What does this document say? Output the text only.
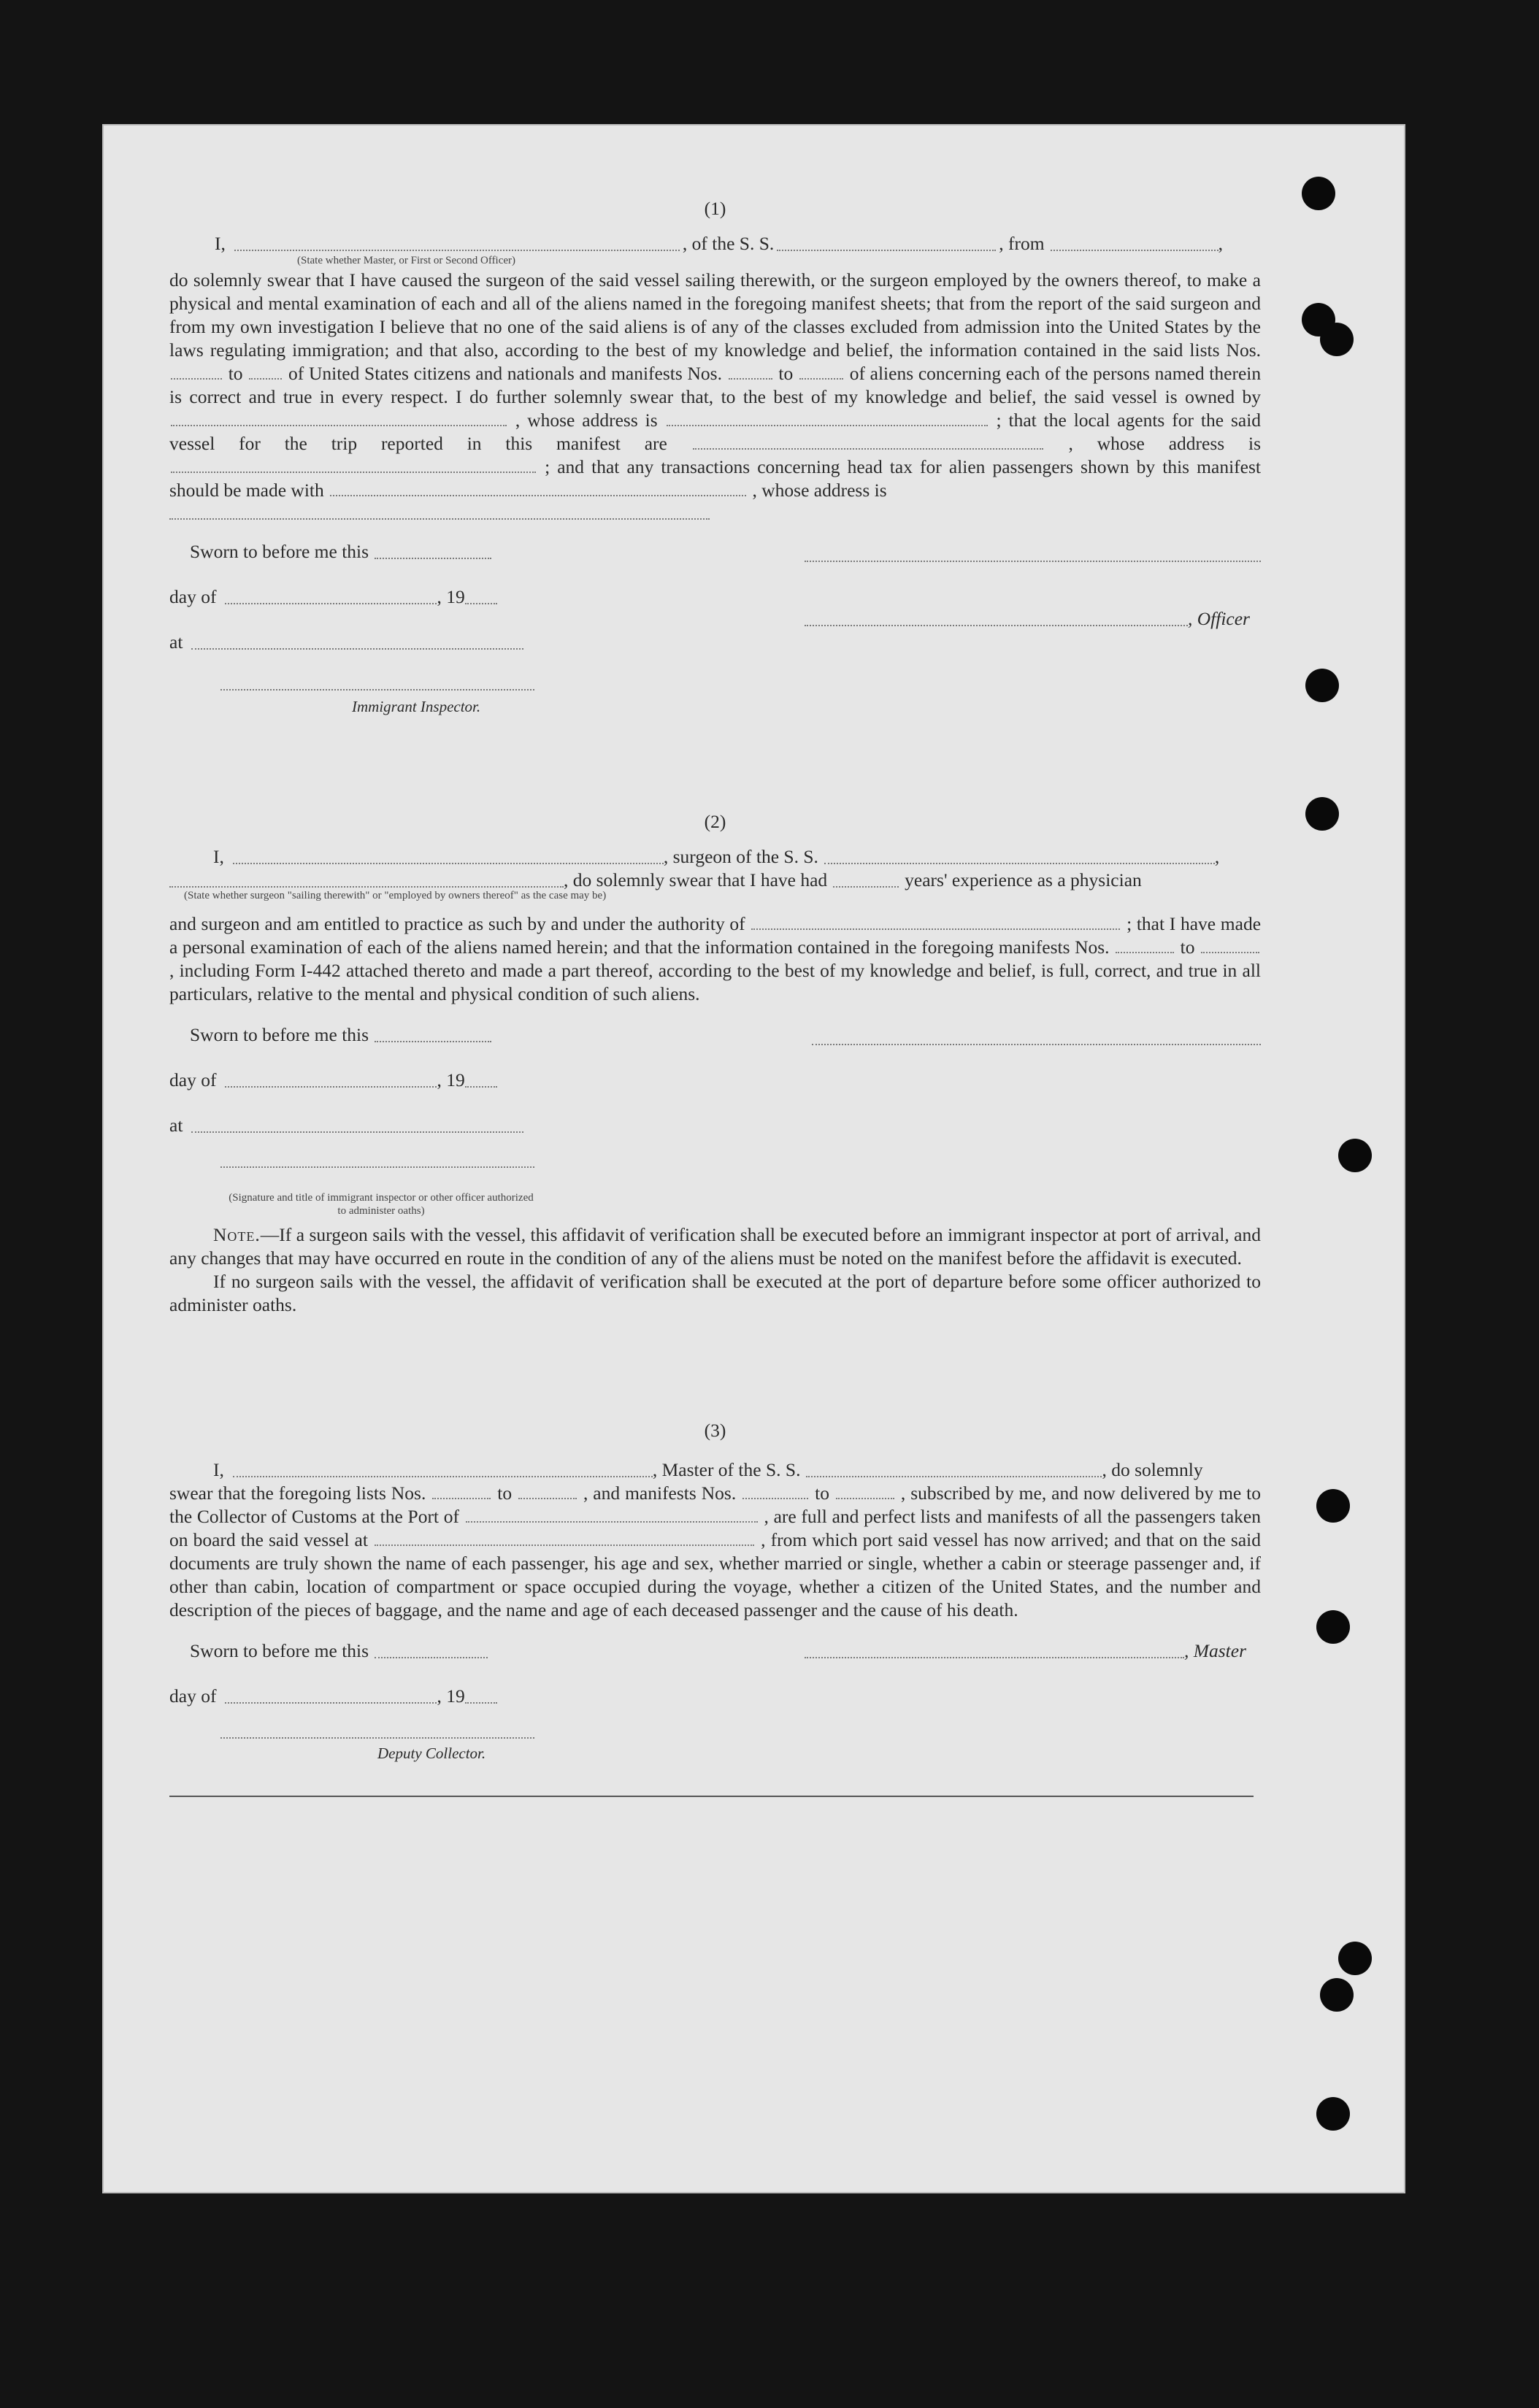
(1)
I,	, of the S. S.	, from	,
(State whether Master, or First or Second Officer)
do solemnly swear that I have caused the surgeon of the said vessel sailing therewith, or the surgeon employed by the owners thereof, to make a physical and mental examination of each and all of the aliens named in the foregoing manifest sheets; that from the report of the said surgeon and from my own investigation I believe that no one of the said aliens is of any of the classes excluded from admission into the United States by the laws regulating immigration; and that also, according to the best of my knowledge and belief, the information contained in the said lists Nos.  to of United States citizens and nationals and manifests Nos.	to	of aliens concerning each of the persons named therein is correct and true in every respect. I do further solemnly swear that, to the best of my knowledge and belief, the said vessel is owned by  , whose address is	; that the local agents for the said vessel for the trip reported in this manifest are	, whose address is  ; and that any transactions concerning head tax for alien passengers shown by this manifest should be made with	, whose address is
Sworn to before me this
day of	, 19
, Officer
at
Immigrant Inspector.
(2)
I,	, surgeon of the S. S.	,
, do solemnly swear that I have had	years' experience as a physician
(State whether surgeon "sailing therewith" or "employed by owners thereof" as the case may be)
and surgeon and am entitled to practice as such by and under the authority of	; that I have made a personal examination of each of the aliens named herein; and that the information contained in the foregoing manifests Nos.	to  , including Form I-442 attached thereto and made a part thereof, according to the best of my knowledge and belief, is full, correct, and true in all particulars, relative to the mental and physical condition of such aliens.
Sworn to before me this
day of	, 19
at
(Signature and title of immigrant inspector or other officer authorized to administer oaths)
Note.—If a surgeon sails with the vessel, this affidavit of verification shall be executed before an immigrant inspector at port of arrival, and any changes that may have occurred en route in the condition of any of the aliens must be noted on the manifest before the affidavit is executed.
If no surgeon sails with the vessel, the affidavit of verification shall be executed at the port of departure before some officer authorized to administer oaths.
(3)
I,	, Master of the S. S.	, do solemnly
swear that the foregoing lists Nos.	to	, and manifests Nos.	to	, subscribed by me, and now delivered by me to the Collector of Customs at the Port of	, are full and perfect lists and manifests of all the passengers taken on board the said vessel at	, from which port said vessel has now arrived; and that on the said documents are truly shown the name of each passenger, his age and sex, whether married or single, whether a cabin or steerage passenger and, if other than cabin, location of compartment or space occupied during the voyage, whether a citizen of the United States, and the number and description of the pieces of baggage, and the name and age of each deceased passenger and the cause of his death.
Sworn to before me this	, Master
day of	, 19
Deputy Collector.
